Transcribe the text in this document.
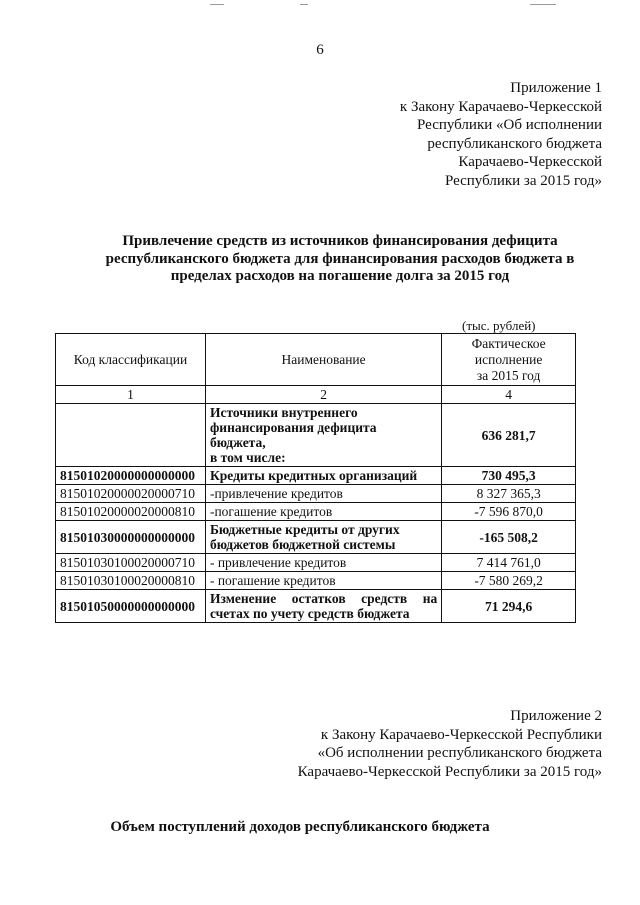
6
Приложение 1
к Закону Карачаево-Черкесской
Республики «Об исполнении
республиканского бюджета
Карачаево-Черкесской
Республики за 2015 год»
Привлечение средств из источников финансирования дефицита
республиканского бюджета для финансирования расходов бюджета в
пределах расходов на погашение долга за 2015 год
(тыс. рублей)
Код классификации	Наименование	Фактическое
исполнение
за 2015 год

1	2	4

	Источники внутреннего
финансирования дефицита
бюджета,
в том числе:	636 281,7
81501020000000000000	Кредиты кредитных организаций	730 495,3
81501020000020000710	-привлечение кредитов	8 327 365,3
81501020000020000810	-погашение кредитов	-7 596 870,0
81501030000000000000	Бюджетные кредиты от других
бюджетов бюджетной системы	-165 508,2
81501030100020000710	- привлечение кредитов	7 414 761,0
81501030100020000810	- погашение кредитов	-7 580 269,2
81501050000000000000	Изменение остатков средств на
счетах по учету средств бюджета	71 294,6
Приложение 2
к Закону Карачаево-Черкесской Республики
«Об исполнении республиканского бюджета
Карачаево-Черкесской Республики за 2015 год»
Объем поступлений доходов республиканского бюджета
